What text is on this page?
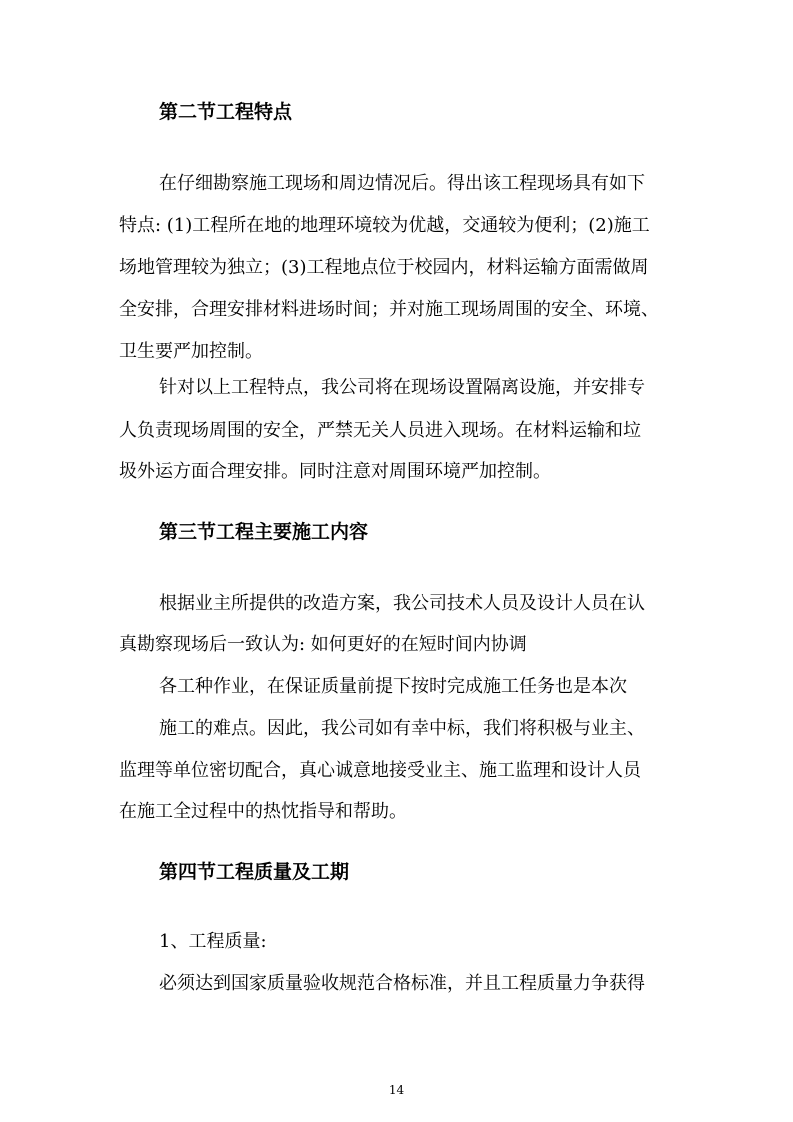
第二节工程特点

在仔细勘察施工现场和周边情况后。得出该工程现场具有如下

特点: (1)工程所在地的地理环境较为优越，交通较为便利；(2)施工

场地管理较为独立；(3)工程地点位于校园内，材料运输方面需做周

全安排，合理安排材料进场时间；并对施工现场周围的安全、环境、

卫生要严加控制。

针对以上工程特点，我公司将在现场设置隔离设施，并安排专

人负责现场周围的安全，严禁无关人员进入现场。在材料运输和垃

圾外运方面合理安排。同时注意对周围环境严加控制。

第三节工程主要施工内容

根据业主所提供的改造方案，我公司技术人员及设计人员在认

真勘察现场后一致认为: 如何更好的在短时间内协调

各工种作业，在保证质量前提下按时完成施工任务也是本次

施工的难点。因此，我公司如有幸中标，我们将积极与业主、

监理等单位密切配合，真心诚意地接受业主、施工监理和设计人员

在施工全过程中的热忱指导和帮助。

第四节工程质量及工期

1、工程质量:

必须达到国家质量验收规范合格标准，并且工程质量力争获得

14
